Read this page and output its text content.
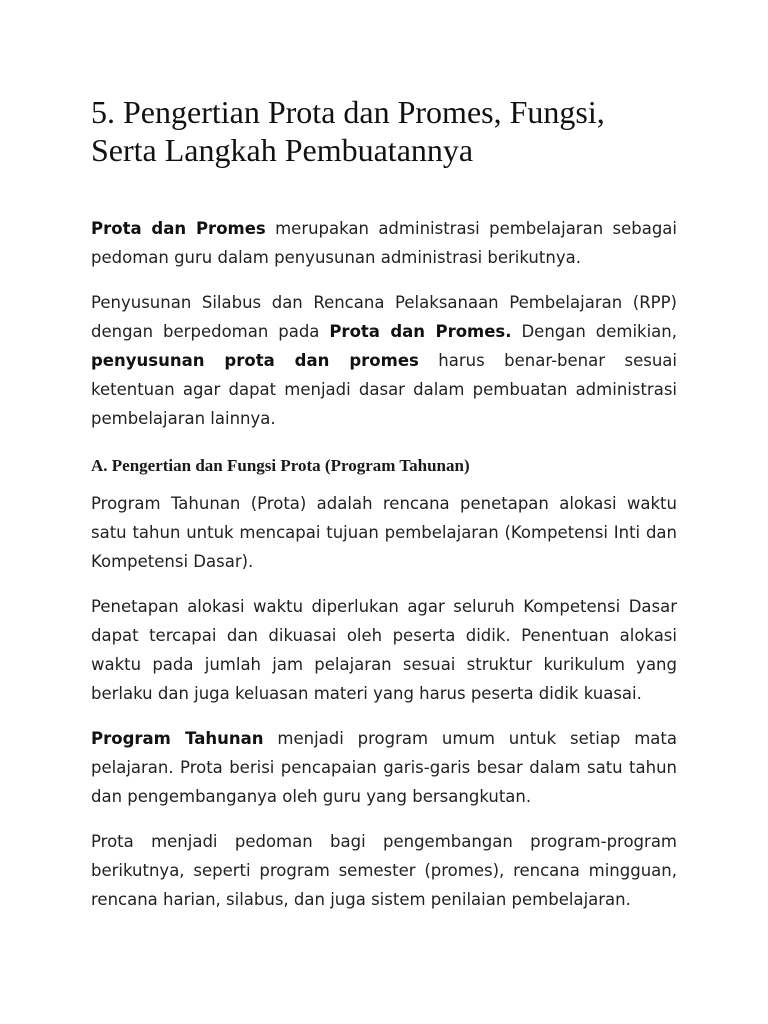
5. Pengertian Prota dan Promes, Fungsi, Serta Langkah Pembuatannya

Prota dan Promes merupakan administrasi pembelajaran sebagai pedoman guru dalam penyusunan administrasi berikutnya.

Penyusunan Silabus dan Rencana Pelaksanaan Pembelajaran (RPP) dengan berpedoman pada Prota dan Promes. Dengan demikian, penyusunan prota dan promes harus benar-benar sesuai ketentuan agar dapat menjadi dasar dalam pembuatan administrasi pembelajaran lainnya.

A. Pengertian dan Fungsi Prota (Program Tahunan)

Program Tahunan (Prota) adalah rencana penetapan alokasi waktu satu tahun untuk mencapai tujuan pembelajaran (Kompetensi Inti dan Kompetensi Dasar).

Penetapan alokasi waktu diperlukan agar seluruh Kompetensi Dasar dapat tercapai dan dikuasai oleh peserta didik. Penentuan alokasi waktu pada jumlah jam pelajaran sesuai struktur kurikulum yang berlaku dan juga keluasan materi yang harus peserta didik kuasai.

Program Tahunan menjadi program umum untuk setiap mata pelajaran. Prota berisi pencapaian garis-garis besar dalam satu tahun dan pengembanganya oleh guru yang bersangkutan.

Prota menjadi pedoman bagi pengembangan program-program berikutnya, seperti program semester (promes), rencana mingguan, rencana harian, silabus, dan juga sistem penilaian pembelajaran.
